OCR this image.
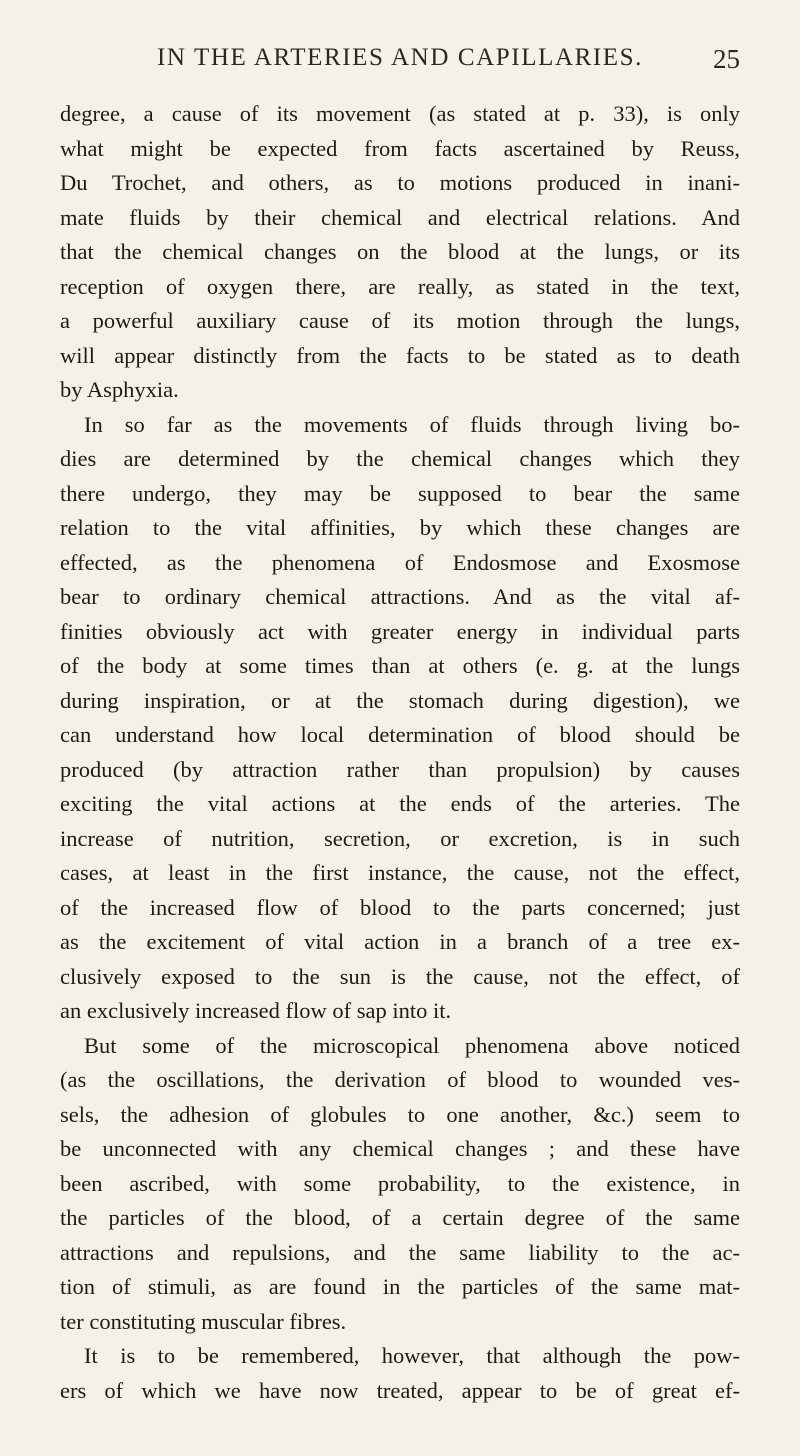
IN THE ARTERIES AND CAPILLARIES.	25
degree, a cause of its movement (as stated at p. 33), is only
what might be expected from facts ascertained by Reuss,
Du Trochet, and others, as to motions produced in inani-
mate fluids by their chemical and electrical relations. And
that the chemical changes on the blood at the lungs, or its
reception of oxygen there, are really, as stated in the text,
a powerful auxiliary cause of its motion through the lungs,
will appear distinctly from the facts to be stated as to death
by Asphyxia.
In so far as the movements of fluids through living bo-
dies are determined by the chemical changes which they
there undergo, they may be supposed to bear the same
relation to the vital affinities, by which these changes are
effected, as the phenomena of Endosmose and Exosmose
bear to ordinary chemical attractions. And as the vital af-
finities obviously act with greater energy in individual parts
of the body at some times than at others (e. g. at the lungs
during inspiration, or at the stomach during digestion), we
can understand how local determination of blood should be
produced (by attraction rather than propulsion) by causes
exciting the vital actions at the ends of the arteries. The
increase of nutrition, secretion, or excretion, is in such
cases, at least in the first instance, the cause, not the effect,
of the increased flow of blood to the parts concerned; just
as the excitement of vital action in a branch of a tree ex-
clusively exposed to the sun is the cause, not the effect, of
an exclusively increased flow of sap into it.
But some of the microscopical phenomena above noticed
(as the oscillations, the derivation of blood to wounded ves-
sels, the adhesion of globules to one another, &c.) seem to
be unconnected with any chemical changes ; and these have
been ascribed, with some probability, to the existence, in
the particles of the blood, of a certain degree of the same
attractions and repulsions, and the same liability to the ac-
tion of stimuli, as are found in the particles of the same mat-
ter constituting muscular fibres.
It is to be remembered, however, that although the pow-
ers of which we have now treated, appear to be of great ef-
